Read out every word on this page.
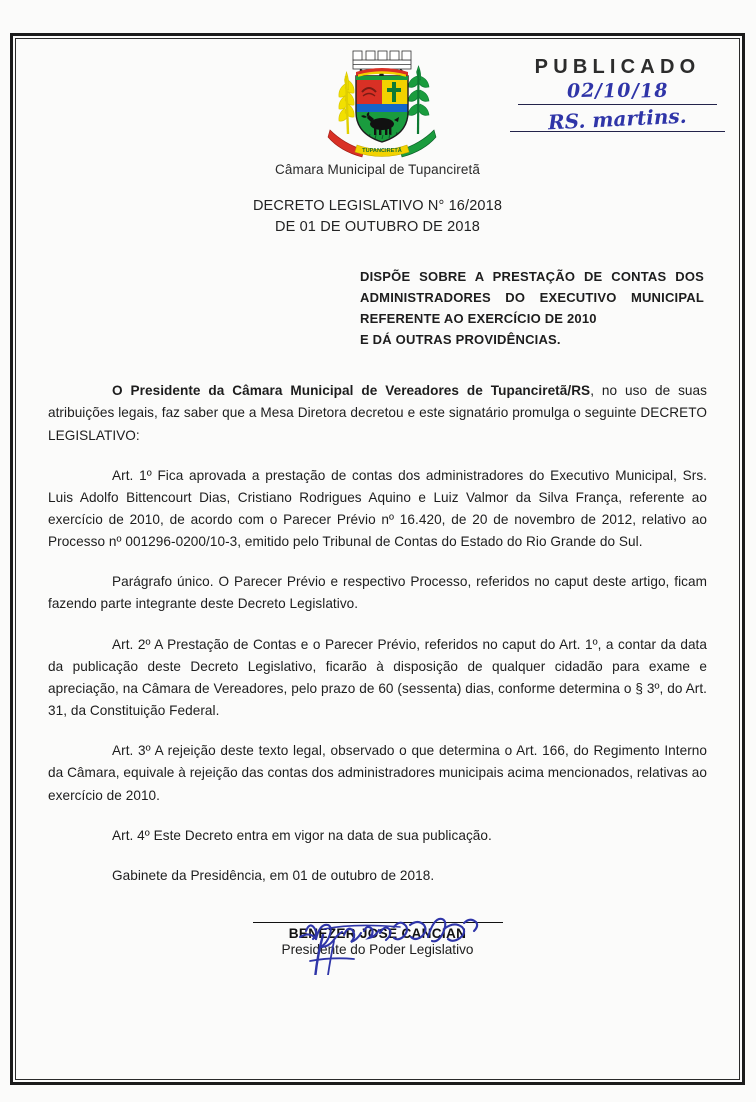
TUPANCIRETÃ
PUBLICADO
02/10/18
RS. martins.
Câmara Municipal de Tupanciretã
DECRETO LEGISLATIVO N° 16/2018
DE 01 DE OUTUBRO DE 2018
DISPÕE SOBRE A PRESTAÇÃO DE CONTAS DOS ADMINISTRADORES DO EXECUTIVO MUNICIPAL REFERENTE AO EXERCÍCIO DE 2010
E DÁ OUTRAS PROVIDÊNCIAS.

O Presidente da Câmara Municipal de Vereadores de Tupanciretã/RS, no uso de suas atribuições legais, faz saber que a Mesa Diretora decretou e este signatário promulga o seguinte DECRETO LEGISLATIVO:

Art. 1º Fica aprovada a prestação de contas dos administradores do Executivo Municipal, Srs. Luis Adolfo Bittencourt Dias, Cristiano Rodrigues Aquino e Luiz Valmor da Silva França, referente ao exercício de 2010, de acordo com o Parecer Prévio nº 16.420, de 20 de novembro de 2012, relativo ao Processo nº 001296-0200/10-3, emitido pelo Tribunal de Contas do Estado do Rio Grande do Sul.

Parágrafo único. O Parecer Prévio e respectivo Processo, referidos no caput deste artigo, ficam fazendo parte integrante deste Decreto Legislativo.

Art. 2º A Prestação de Contas e o Parecer Prévio, referidos no caput do Art. 1º, a contar da data da publicação deste Decreto Legislativo, ficarão à disposição de qualquer cidadão para exame e apreciação, na Câmara de Vereadores, pelo prazo de 60 (sessenta) dias, conforme determina o § 3º, do Art. 31, da Constituição Federal.

Art. 3º A rejeição deste texto legal, observado o que determina o Art. 166, do Regimento Interno da Câmara, equivale à rejeição das contas dos administradores municipais acima mencionados, relativas ao exercício de 2010.

Art. 4º Este Decreto entra em vigor na data de sua publicação.

Gabinete da Presidência, em 01 de outubro de 2018.

BENEZER JOSÉ CANCIAN
Presidente do Poder Legislativo
